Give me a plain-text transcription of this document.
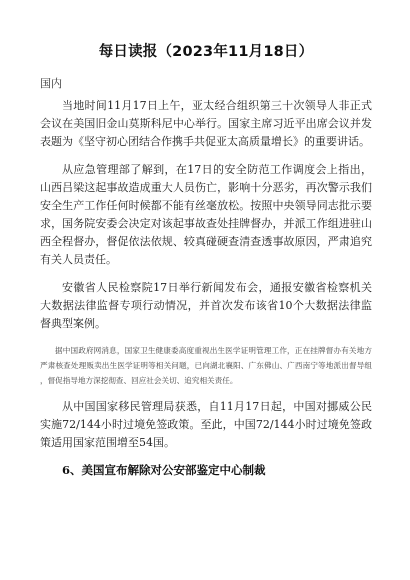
每日读报（2023年11月18日）
国内

当地时间11月17日上午，亚太经合组织第三十次领导人非正式会议在美国旧金山莫斯科尼中心举行。国家主席习近平出席会议并发表题为《坚守初心团结合作携手共促亚太高质量增长》的重要讲话。

从应急管理部了解到，在17日的安全防范工作调度会上指出，山西吕梁这起事故造成重大人员伤亡，影响十分恶劣，再次警示我们安全生产工作任何时候都不能有丝毫放松。按照中央领导同志批示要求，国务院安委会决定对该起事故查处挂牌督办，并派工作组进驻山西全程督办，督促依法依规、较真碰硬查清查透事故原因，严肃追究有关人员责任。

安徽省人民检察院17日举行新闻发布会，通报安徽省检察机关大数据法律监督专项行动情况，并首次发布该省10个大数据法律监督典型案例。

据中国政府网消息，国家卫生健康委高度重视出生医学证明管理工作，正在挂牌督办有关地方严肃核查处理贩卖出生医学证明等相关问题，已向湖北襄阳、广东佛山、广西南宁等地派出督导组，督促指导地方深挖彻查、回应社会关切、追究相关责任。

从中国国家移民管理局获悉，自11月17日起，中国对挪威公民实施72/144小时过境免签政策。至此，中国72/144小时过境免签政策适用国家范围增至54国。

6、美国宣布解除对公安部鉴定中心制裁
